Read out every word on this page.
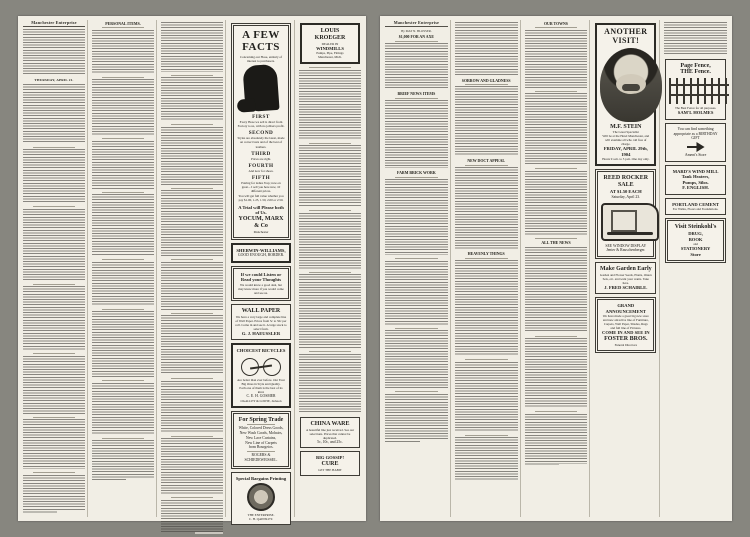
Manchester Enterprise
THURSDAY, APRIL 21.
PERSONAL ITEMS.
A FEW FACTS
Concerning our Hose, entirely of interest to purchasers.
FIRST
Every Hose we sell is direct from Factory to us, with no jobbers profit.
SECOND
Styles are absolutely the latest, made on correct lasts and of the best of leathers.
THIRD
Prices are right.
FOURTH
And now for shoes.
FIFTH
Pairing for ladies 8 up; now on great... I sell you here now, 10 different prices.
You will get full value whether you pay $1.00, 1.25, 1.50, 2.00 or 2.50.
A Trial will Please both of Us.
YOCUM, MARX & Co
Manchester
SHERWIN-WILLIAMS,
GOOD ENOUGH, BORDER.
If we could Listen or Read your Thoughts
We would know a good deal, but may know more if you would come and see us.
WALL PAPER
We have a very large and complete line of Wall Paper. Prices from 5c to 50c per roll. Come in and see it. A large stock to select from.
G. J. HAEUSSLER
CHOICEST BICYCLES
Are better than ever before. Our Four Big Ones in Style and Quality.
Each one of them is the best of its kind.
C. E. H. GOSMER
OGALLEY & LOWIE, Jackson
For Spring Trade
White, Colored Dress Goods,
New Wash Goods, Mohairs,
New Lace Curtains,
New Line of Carpets
from Bourgeios.
ROGERS & SCHIEDEWEISSEL.
Special Bargains Printing
THE ENTERPRISE.
C. H. QAINSLEY.
LOUIS KROEGER
DEALER IN
WINDMILLS
Pumps, Pipe, Fittings
Manchester, Mich.
CHINA WARE
A beautiful line just received. See our selections. Prices that cannot be duplicated.
5c, 10c, and 25c.
BIG GOSSIP!
CURE
GET THE HABIT
Manchester Enterprise
By MAT N. BLOSSER.
$1,000 FOR AN AXE
BRIEF NEWS ITEMS
FARM BRICK WORK
SORROW AND GLADNESS
NEW DOCT APPEAL
HEAVENLY THINGS
OUR TOWNS
ALL THE NEWS
ANOTHER VISIT!
M.F. STEIN
The Great Specialist
Will be at the Hotel Manchester, and will examine all who call free of charge.
FRIDAY, APRIL 29th, 1904
Hours 9 a.m. to 5 p.m. One day only.
REED ROCKER
SALE
AT $1.50 EACH
Saturday, April 23.
SEE WINDOW DISPLAY
Jenter & Rauschenberger.
Make Garden Early
Garden and Flower Seeds, Plants, Onion Sets, etc. and want your wants. Take here.
J. FRED SCHAIBLE.
GRAND ANNOUNCEMENT
We have made a great big new store and new attractive line of Furniture, Carpets, Wall Paper, Shades, Rugs and full line of Pictures.
COME IN AND SEE IN
FOSTER BROS.
Funeral Directors
Page Fence,
THE Fence.
The Best Fence for all purposes.
SAM'L HOLMES
You can find something appropriate as a BIRTHDAY GIFT
Ament's Store
MARD'S WIND MILL
Tank Heaters,
Pumps, Silos.
F. ENGLISH.
PORTLAND CEMENT
For Walks, Floors and Foundations.
Visit Steinkohl's
DRUG,
BOOK
and
STATIONERY
Store
